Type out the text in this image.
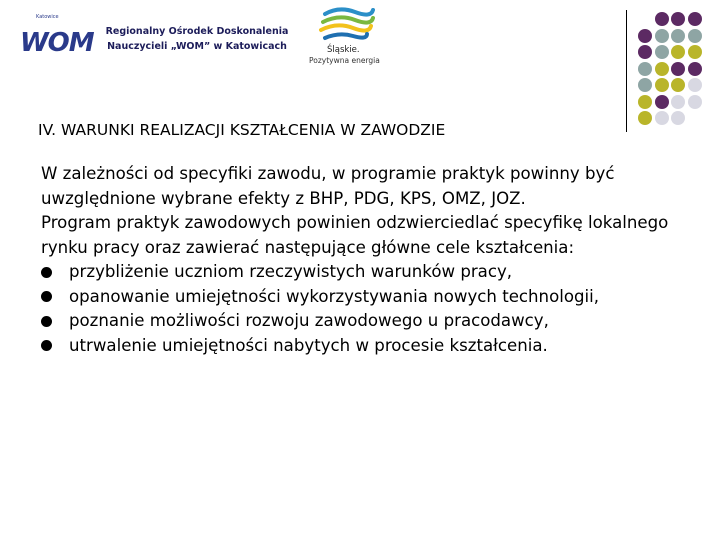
Katowice
WOM	Regionalny Ośrodek Doskonalenia
Nauczycieli „WOM” w Katowicach	Śląskie.
Pozytywna energia
IV. WARUNKI REALIZACJI KSZTAŁCENIA W ZAWODZIE

W zależności od specyfiki zawodu, w programie praktyk powinny być uwzględnione wybrane efekty z BHP, PDG, KPS, OMZ, JOZ.

Program praktyk zawodowych powinien odzwierciedlać specyfikę lokalnego rynku pracy oraz zawierać następujące główne cele kształcenia:

przybliżenie uczniom rzeczywistych warunków pracy,
opanowanie umiejętności wykorzystywania nowych technologii,
poznanie możliwości rozwoju zawodowego u pracodawcy,
utrwalenie umiejętności nabytych w procesie kształcenia.
